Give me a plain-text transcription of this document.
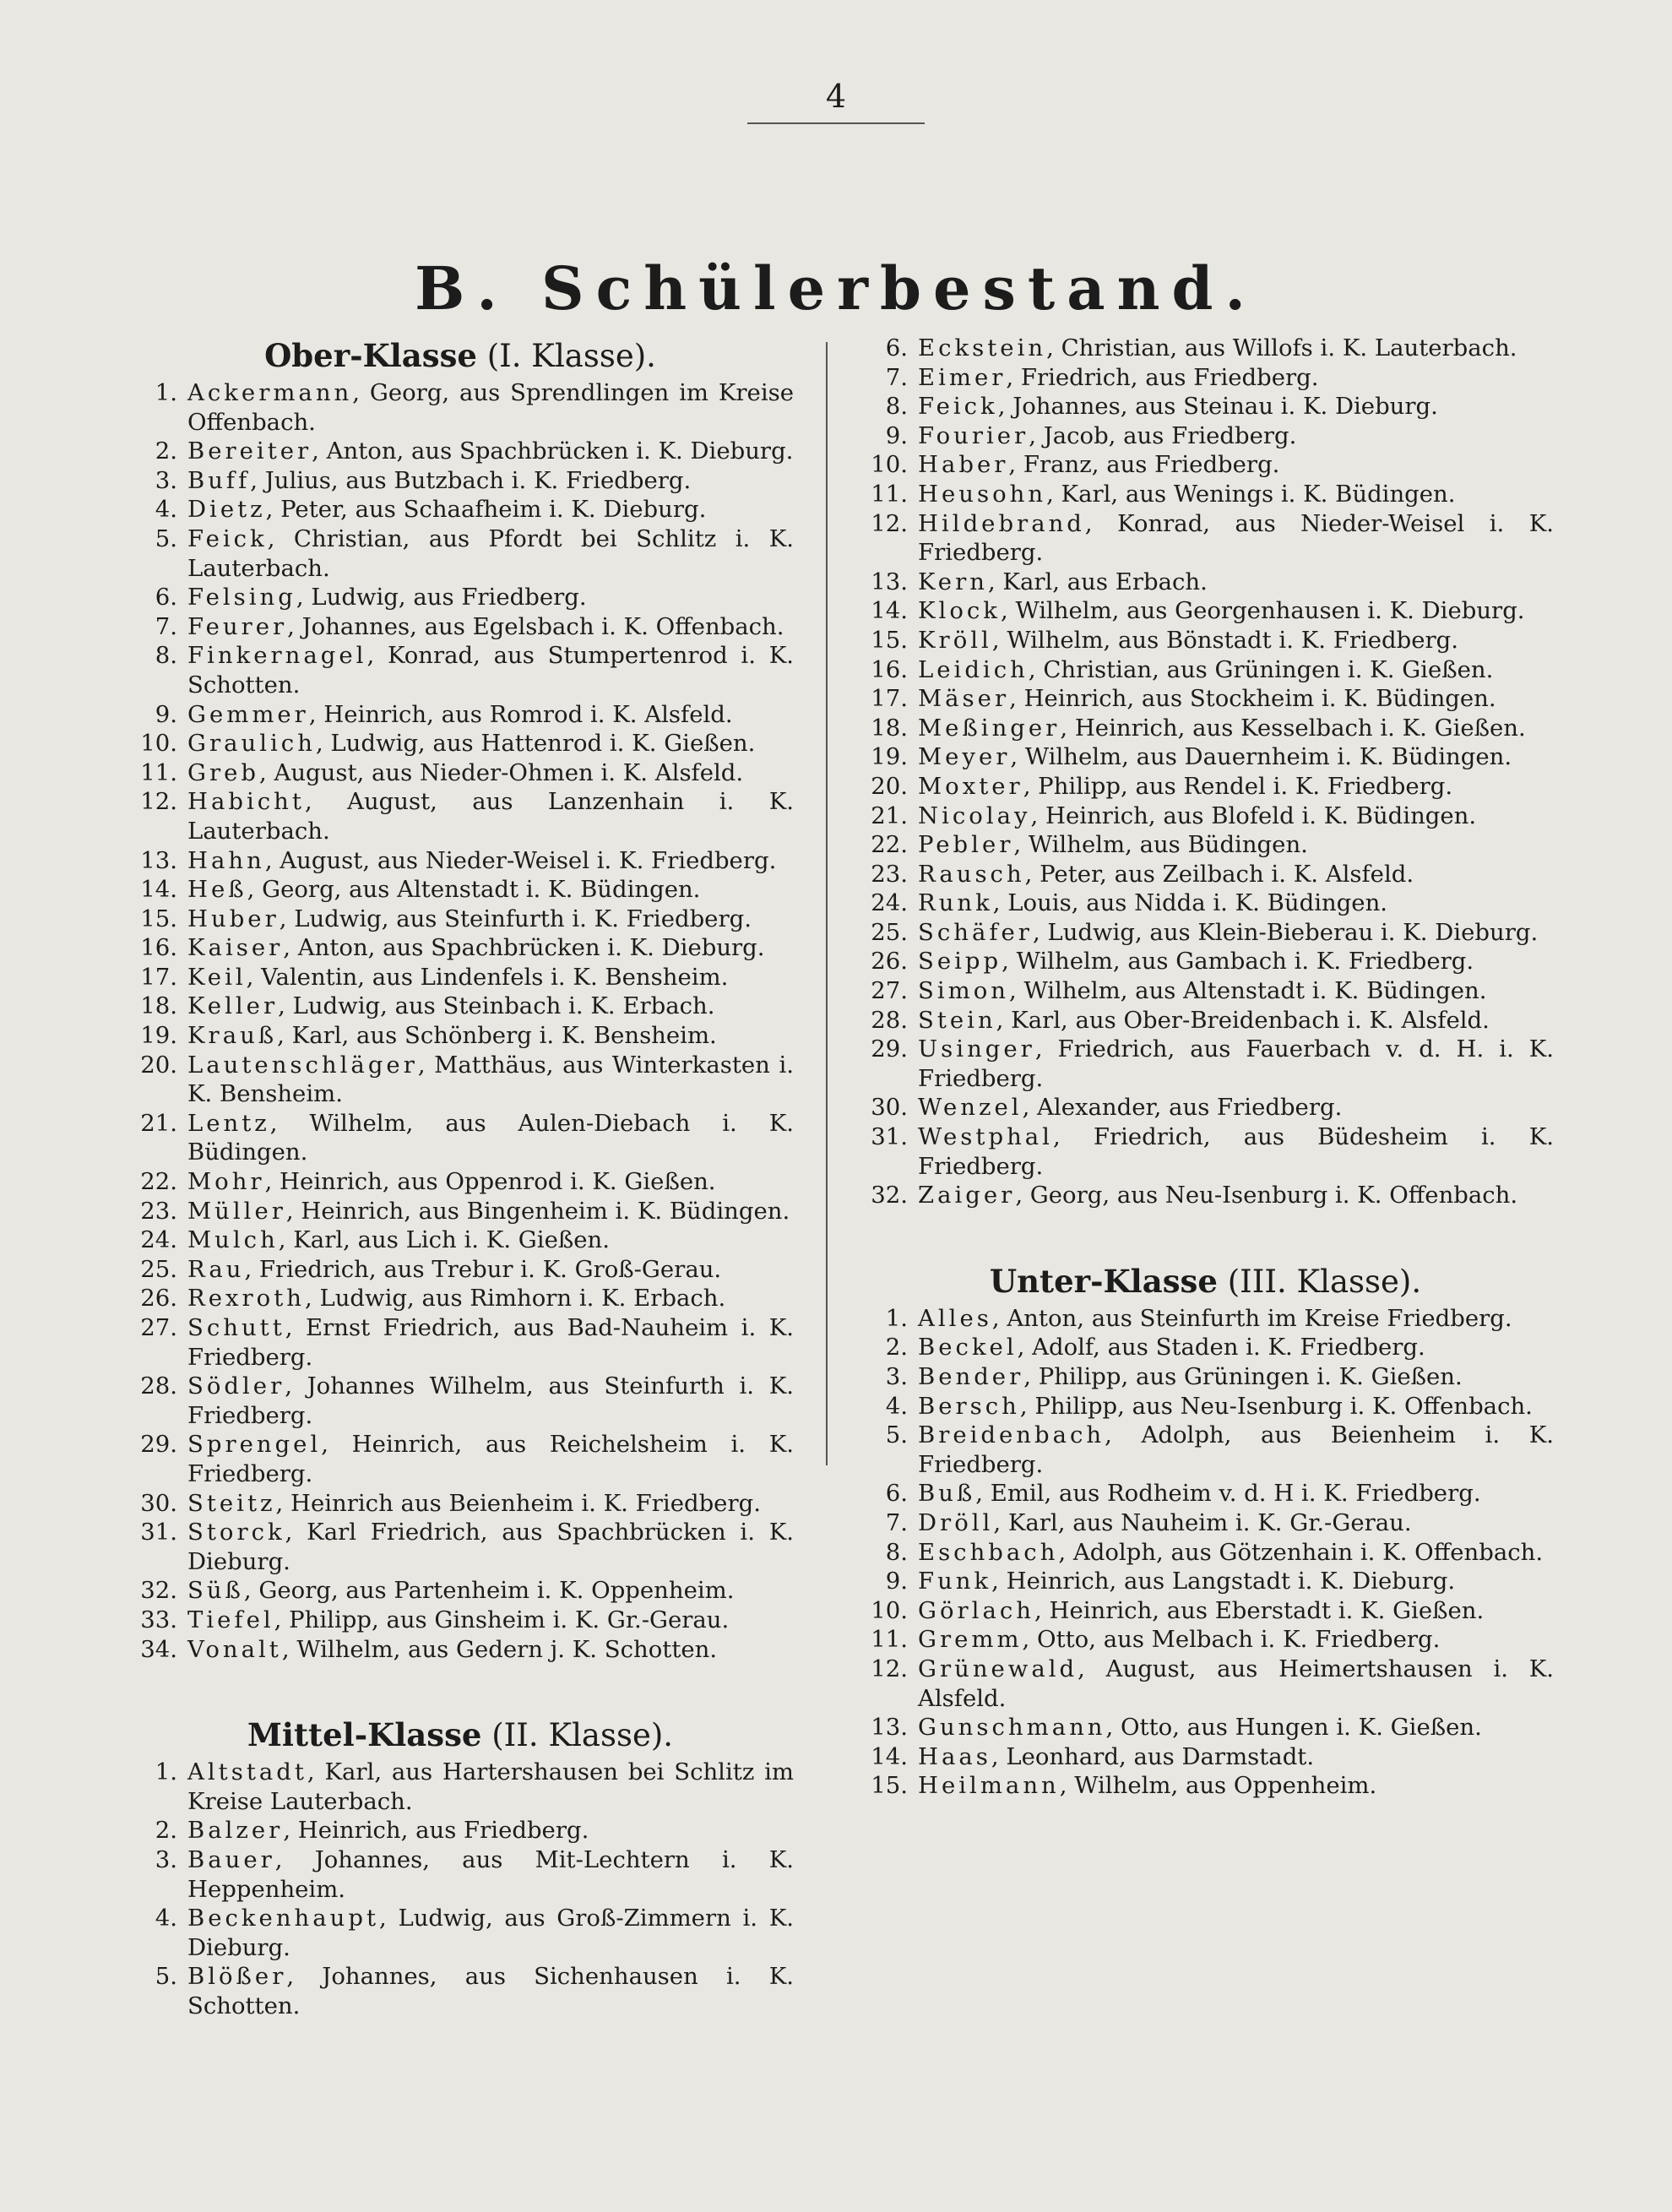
4
B. Schülerbestand.
Ober-Klasse (I. Klasse).
1. Ackermann, Georg, aus Sprendlingen im Kreise Offenbach.
2. Bereiter, Anton, aus Spachbrücken i. K. Dieburg.
3. Buff, Julius, aus Butzbach i. K. Friedberg.
4. Dietz, Peter, aus Schaafheim i. K. Dieburg.
5. Feick, Christian, aus Pfordt bei Schlitz i. K. Lauterbach.
6. Felsing, Ludwig, aus Friedberg.
7. Feurer, Johannes, aus Egelsbach i. K. Offenbach.
8. Finkernagel, Konrad, aus Stumpertenrod i. K. Schotten.
9. Gemmer, Heinrich, aus Romrod i. K. Alsfeld.
10. Graulich, Ludwig, aus Hattenrod i. K. Gießen.
11. Greb, August, aus Nieder-Ohmen i. K. Alsfeld.
12. Habicht, August, aus Lanzenhain i. K. Lauterbach.
13. Hahn, August, aus Nieder-Weisel i. K. Friedberg.
14. Heß, Georg, aus Altenstadt i. K. Büdingen.
15. Huber, Ludwig, aus Steinfurth i. K. Friedberg.
16. Kaiser, Anton, aus Spachbrücken i. K. Dieburg.
17. Keil, Valentin, aus Lindenfels i. K. Bensheim.
18. Keller, Ludwig, aus Steinbach i. K. Erbach.
19. Krauß, Karl, aus Schönberg i. K. Bensheim.
20. Lautenschläger, Matthäus, aus Winterkasten i. K. Bensheim.
21. Lentz, Wilhelm, aus Aulen-Diebach i. K. Büdingen.
22. Mohr, Heinrich, aus Oppenrod i. K. Gießen.
23. Müller, Heinrich, aus Bingenheim i. K. Büdingen.
24. Mulch, Karl, aus Lich i. K. Gießen.
25. Rau, Friedrich, aus Trebur i. K. Groß-Gerau.
26. Rexroth, Ludwig, aus Rimhorn i. K. Erbach.
27. Schutt, Ernst Friedrich, aus Bad-Nauheim i. K. Friedberg.
28. Södler, Johannes Wilhelm, aus Steinfurth i. K. Friedberg.
29. Sprengel, Heinrich, aus Reichelsheim i. K. Friedberg.
30. Steitz, Heinrich aus Beienheim i. K. Friedberg.
31. Storck, Karl Friedrich, aus Spachbrücken i. K. Dieburg.
32. Süß, Georg, aus Partenheim i. K. Oppenheim.
33. Tiefel, Philipp, aus Ginsheim i. K. Gr.-Gerau.
34. Vonalt, Wilhelm, aus Gedern j. K. Schotten.
Mittel-Klasse (II. Klasse).
1. Altstadt, Karl, aus Hartershausen bei Schlitz im Kreise Lauterbach.
2. Balzer, Heinrich, aus Friedberg.
3. Bauer, Johannes, aus Mit-Lechtern i. K. Heppenheim.
4. Beckenhaupt, Ludwig, aus Groß-Zimmern i. K. Dieburg.
5. Blößer, Johannes, aus Sichenhausen i. K. Schotten.
6. Eckstein, Christian, aus Willofs i. K. Lauterbach.
7. Eimer, Friedrich, aus Friedberg.
8. Feick, Johannes, aus Steinau i. K. Dieburg.
9. Fourier, Jacob, aus Friedberg.
10. Haber, Franz, aus Friedberg.
11. Heusohn, Karl, aus Wenings i. K. Büdingen.
12. Hildebrand, Konrad, aus Nieder-Weisel i. K. Friedberg.
13. Kern, Karl, aus Erbach.
14. Klock, Wilhelm, aus Georgenhausen i. K. Dieburg.
15. Kröll, Wilhelm, aus Bönstadt i. K. Friedberg.
16. Leidich, Christian, aus Grüningen i. K. Gießen.
17. Mäser, Heinrich, aus Stockheim i. K. Büdingen.
18. Meßinger, Heinrich, aus Kesselbach i. K. Gießen.
19. Meyer, Wilhelm, aus Dauernheim i. K. Büdingen.
20. Moxter, Philipp, aus Rendel i. K. Friedberg.
21. Nicolay, Heinrich, aus Blofeld i. K. Büdingen.
22. Pebler, Wilhelm, aus Büdingen.
23. Rausch, Peter, aus Zeilbach i. K. Alsfeld.
24. Runk, Louis, aus Nidda i. K. Büdingen.
25. Schäfer, Ludwig, aus Klein-Bieberau i. K. Dieburg.
26. Seipp, Wilhelm, aus Gambach i. K. Friedberg.
27. Simon, Wilhelm, aus Altenstadt i. K. Büdingen.
28. Stein, Karl, aus Ober-Breidenbach i. K. Alsfeld.
29. Usinger, Friedrich, aus Fauerbach v. d. H. i. K. Friedberg.
30. Wenzel, Alexander, aus Friedberg.
31. Westphal, Friedrich, aus Büdesheim i. K. Friedberg.
32. Zaiger, Georg, aus Neu-Isenburg i. K. Offenbach.
Unter-Klasse (III. Klasse).
1. Alles, Anton, aus Steinfurth im Kreise Friedberg.
2. Beckel, Adolf, aus Staden i. K. Friedberg.
3. Bender, Philipp, aus Grüningen i. K. Gießen.
4. Bersch, Philipp, aus Neu-Isenburg i. K. Offenbach.
5. Breidenbach, Adolph, aus Beienheim i. K. Friedberg.
6. Buß, Emil, aus Rodheim v. d. H i. K. Friedberg.
7. Dröll, Karl, aus Nauheim i. K. Gr.-Gerau.
8. Eschbach, Adolph, aus Götzenhain i. K. Offenbach.
9. Funk, Heinrich, aus Langstadt i. K. Dieburg.
10. Görlach, Heinrich, aus Eberstadt i. K. Gießen.
11. Gremm, Otto, aus Melbach i. K. Friedberg.
12. Grünewald, August, aus Heimertshausen i. K. Alsfeld.
13. Gunschmann, Otto, aus Hungen i. K. Gießen.
14. Haas, Leonhard, aus Darmstadt.
15. Heilmann, Wilhelm, aus Oppenheim.
